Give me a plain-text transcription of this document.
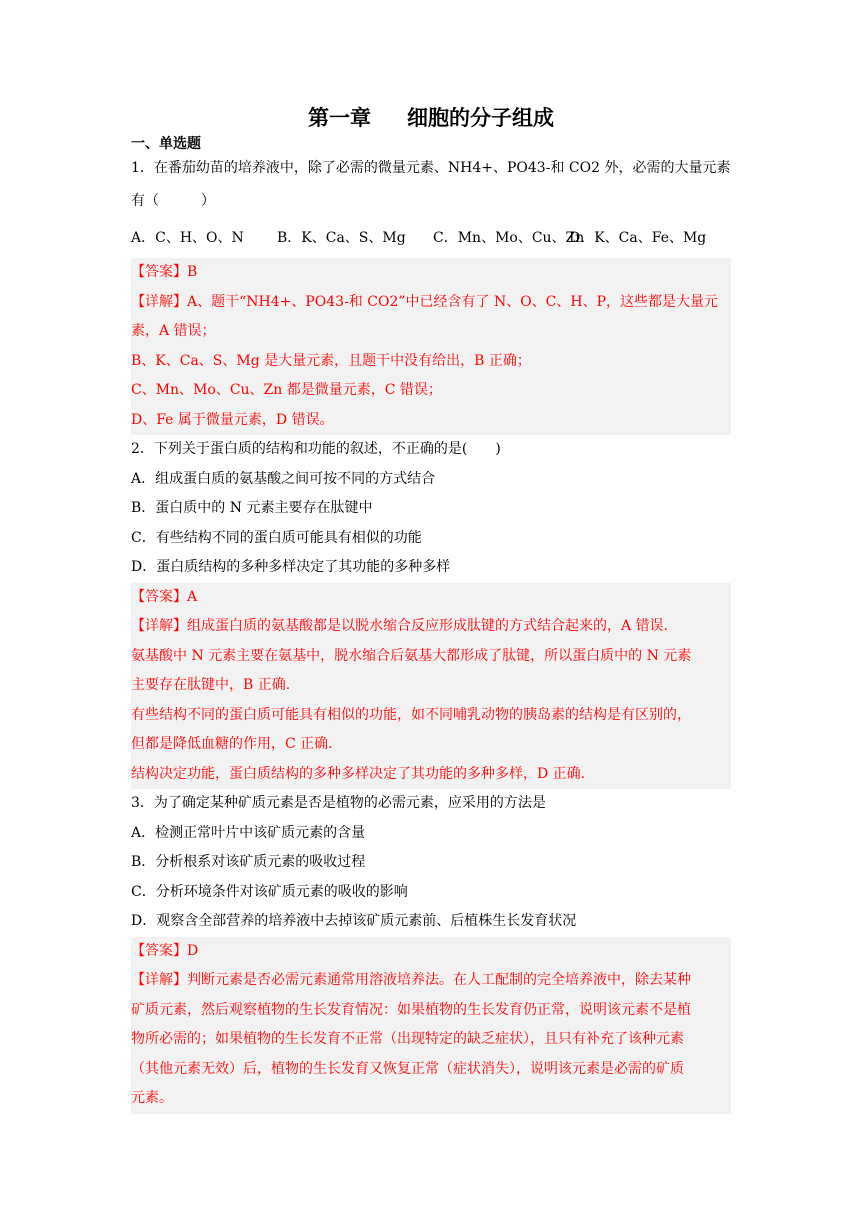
第一章 细胞的分子组成
一、单选题
1．在番茄幼苗的培养液中，除了必需的微量元素、NH4+、PO43-和 CO2 外，必需的大量元素
有（　　　）
A．C、H、O、N	B．K、Ca、S、Mg	C．Mn、Mo、Cu、Zn
D．K、Ca、Fe、Mg
【答案】B
【详解】A、题干“NH4+、PO43-和 CO2”中已经含有了 N、O、C、H、P，这些都是大量元
素，A 错误；
B、K、Ca、S、Mg 是大量元素，且题干中没有给出，B 正确；
C、Mn、Mo、Cu、Zn 都是微量元素，C 错误；
D、Fe 属于微量元素，D 错误。
2．下列关于蛋白质的结构和功能的叙述，不正确的是(　　)
A．组成蛋白质的氨基酸之间可按不同的方式结合
B．蛋白质中的 N 元素主要存在肽键中
C．有些结构不同的蛋白质可能具有相似的功能
D．蛋白质结构的多种多样决定了其功能的多种多样
【答案】A
【详解】组成蛋白质的氨基酸都是以脱水缩合反应形成肽键的方式结合起来的，A 错误.
氨基酸中 N 元素主要在氨基中，脱水缩合后氨基大都形成了肽键，所以蛋白质中的 N 元素
主要存在肽键中，B 正确.
有些结构不同的蛋白质可能具有相似的功能，如不同哺乳动物的胰岛素的结构是有区别的，
但都是降低血糖的作用，C 正确.
结构决定功能，蛋白质结构的多种多样决定了其功能的多种多样，D 正确.
3．为了确定某种矿质元素是否是植物的必需元素，应采用的方法是
A．检测正常叶片中该矿质元素的含量
B．分析根系对该矿质元素的吸收过程
C．分析环境条件对该矿质元素的吸收的影响
D．观察含全部营养的培养液中去掉该矿质元素前、后植株生长发育状况
【答案】D
【详解】判断元素是否必需元素通常用溶液培养法。在人工配制的完全培养液中，除去某种
矿质元素，然后观察植物的生长发育情况：如果植物的生长发育仍正常，说明该元素不是植
物所必需的；如果植物的生长发育不正常（出现特定的缺乏症状），且只有补充了该种元素
（其他元素无效）后，植物的生长发育又恢复正常（症状消失），说明该元素是必需的矿质
元素。
